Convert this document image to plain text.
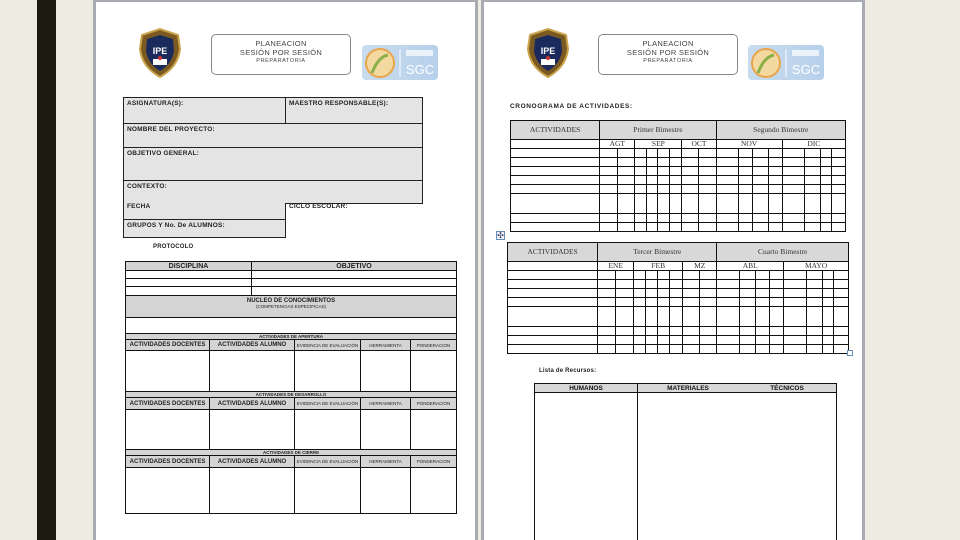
IPE
PLANEACION
SESIÓN POR SESIÓN
PREPARATORIA
SGC
ASIGNATURA(S):	MAESTRO RESPONSABLE(S):
NOMBRE DEL PROYECTO:
OBJETIVO GENERAL:
CONTEXTO:
FECHA	CICLO ESCOLAR:
GRUPOS Y No. De ALUMNOS:
PROTOCOLO
DISCIPLINA	OBJETIVO

NUCLEO DE CONOCIMIENTOS
(COMPETENCIAS ESPECIFICAS)	

ACTIVIDADES DE APERTURA				
ACTIVIDADES DOCENTES	ACTIVIDADES ALUMNO	EVIDENCIA DE EVALUACIÓN	HERRAMIENTA	PONDERACION

ACTIVIDADES DE DESARROLLO				
ACTIVIDADES DOCENTES	ACTIVIDADES ALUMNO	EVIDENCIA DE EVALUACIÓN	HERRAMIENTA	PONDERACION

ACTIVIDADES DE CIERRE				
ACTIVIDADES DOCENTES	ACTIVIDADES ALUMNO	EVIDENCIA DE EVALUACIÓN	HERRAMIENTA	PONDERACION

IPE
PLANEACION
SESIÓN POR SESIÓN
PREPARATORIA
SGC
CRONOGRAMA DE ACTIVIDADES:
ACTIVIDADES	Primer Bimestre								Segundo Bimestre							
	AGT		SEP				OCT		NOV				DIC			

✣
ACTIVIDADES	Tercer Bimestre								Cuarto Bimestre							
	ENE		FEB				MZ		ABL				MAYO			

Lista de Recursos:
HUMANOS	MATERIALES	TÉCNICOS
